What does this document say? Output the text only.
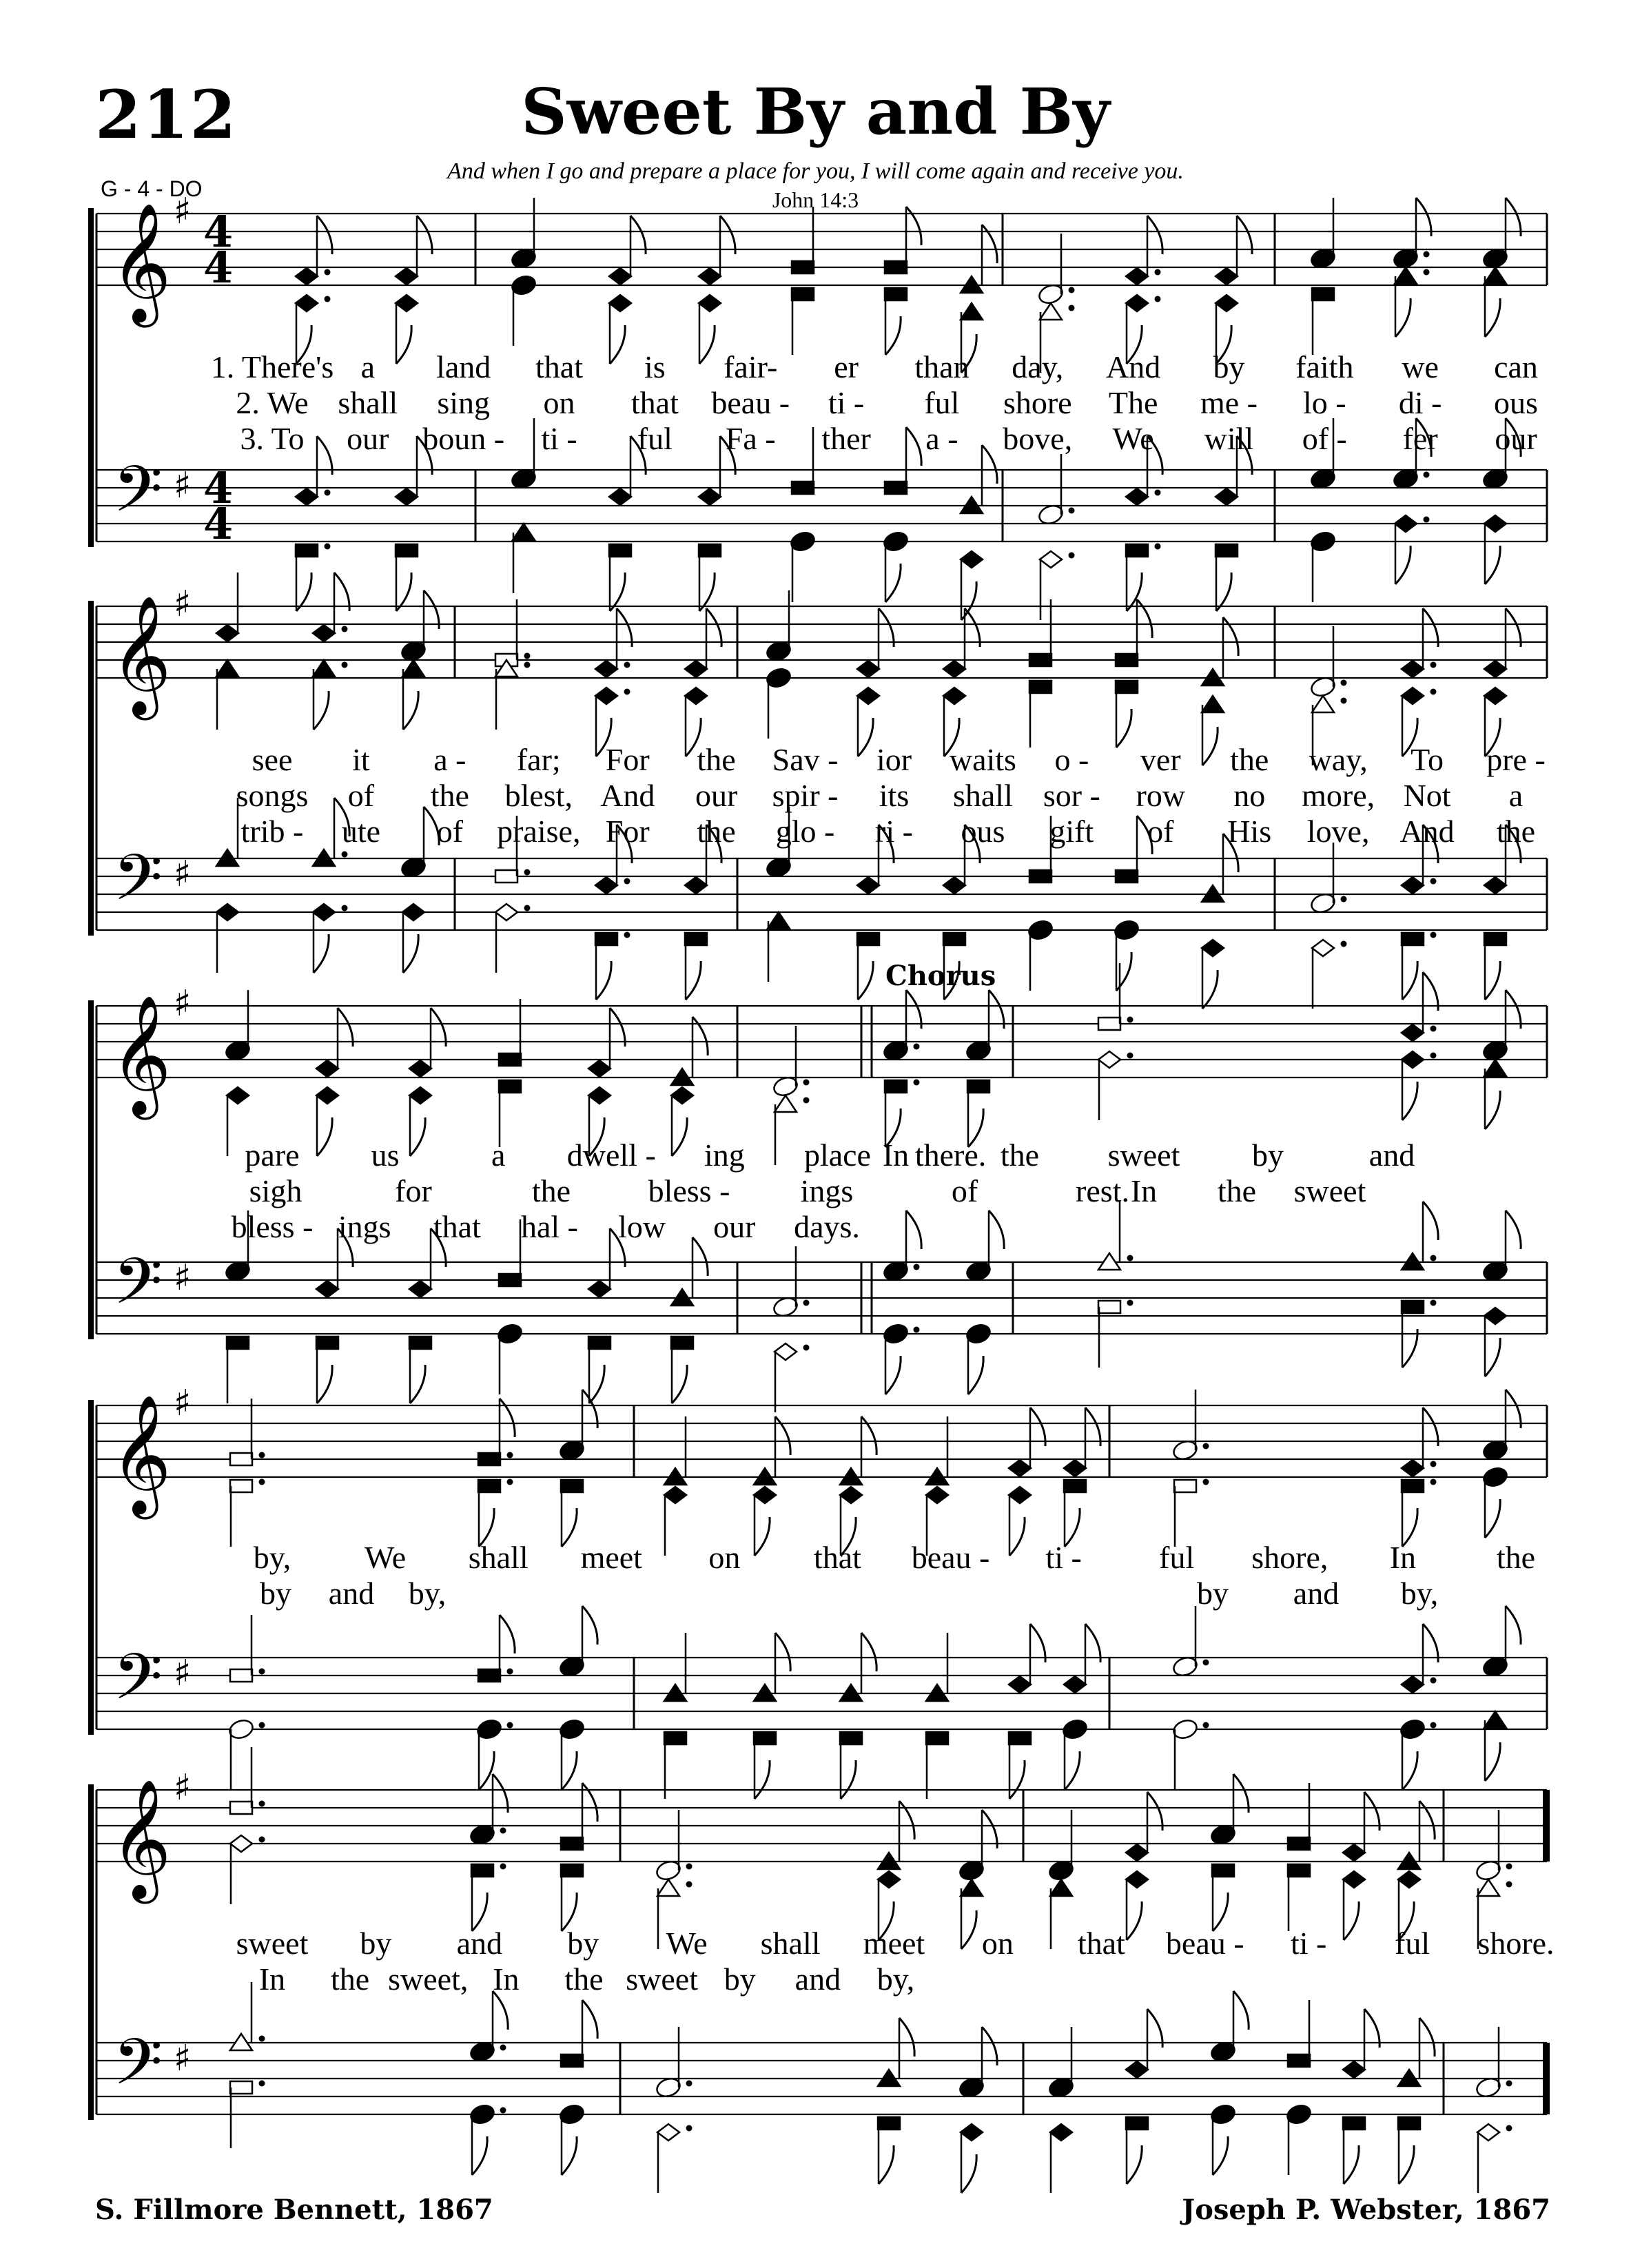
212	Sweet By and By
And when I go and prepare a place for you, I will come again and receive you.
John 14:3
G - 4 - DO
𝄞
𝄢
♯
♯
4
4
4
4
1. There's a land that is fair- er than day, And by faith we can
2. We shall sing on that beau - ti - ful shore The me - lo - di - ous
3. To our boun - ti - ful Fa - ther a - bove, We will of - fer our
𝄞
𝄢
♯
♯
see it a - far; For the Sav - ior waits o - ver the way, To pre -
songs of the blest, And our spir - its shall sor - row no more, Not a
trib - ute of praise, For the glo - ri - ous gift of His love, And the
𝄞
𝄢
♯
♯
Chorus
pare us	a dwell - ing place there.
In	the sweet by	and
sigh	for	the bless - ings	of	rest. In the sweet
bless - ings that hal - low our days.
𝄞
𝄢
♯
♯
by, We shall meet on that beau - ti - ful shore, In	the
by and by,	by and by,
𝄞
𝄢
♯
♯
sweet by and by We shall meet on that beau - ti - ful shore.
In the sweet, In the sweet by and by,
S. Fillmore Bennett, 1867	Joseph P. Webster, 1867
